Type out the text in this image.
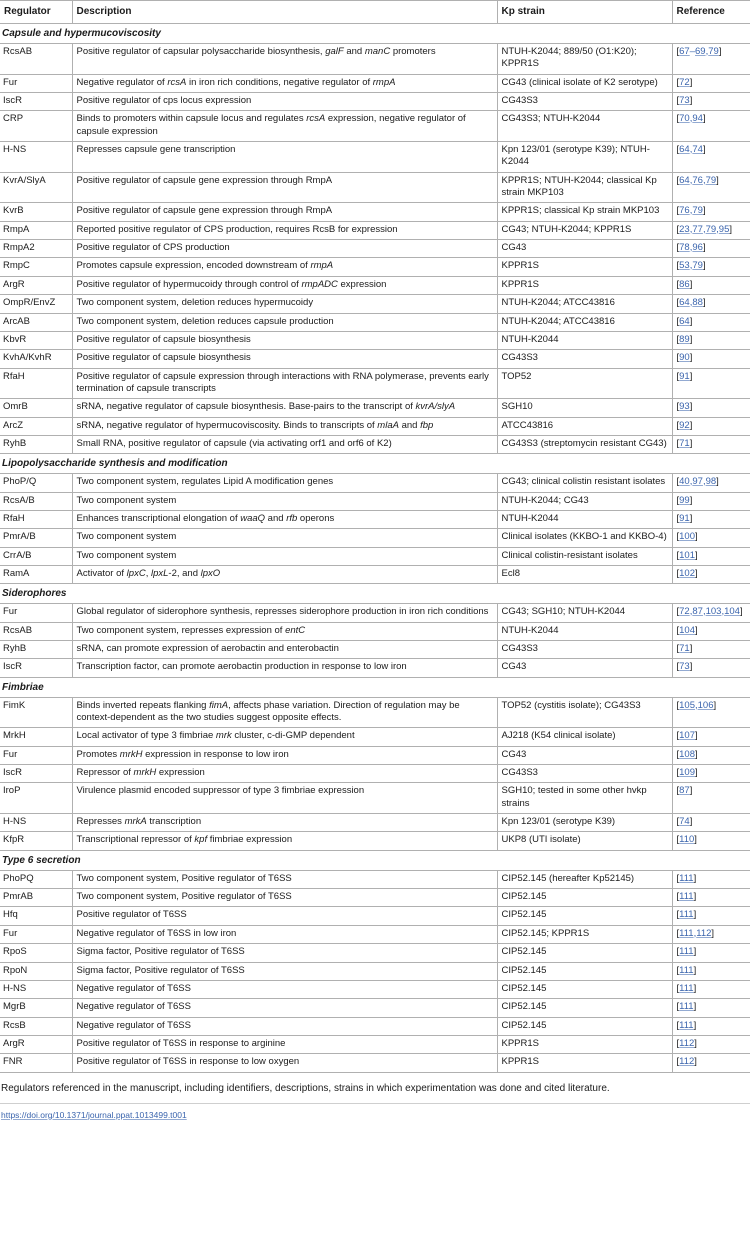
Regulator	Description	Kp strain	Reference
Capsule and hypermucoviscosity			
RcsAB	Positive regulator of capsular polysaccharide biosynthesis, galF and manC promoters	NTUH-K2044; 889/50 (O1:K20); KPPR1S	[67–69,79]
Fur	Negative regulator of rcsA in iron rich conditions, negative regulator of rmpA	CG43 (clinical isolate of K2 serotype)	[72]
IscR	Positive regulator of cps locus expression	CG43S3	[73]
CRP	Binds to promoters within capsule locus and regulates rcsA expression, negative regulator of capsule expression	CG43S3; NTUH-K2044	[70,94]
H-NS	Represses capsule gene transcription	Kpn 123/01 (serotype K39); NTUH-K2044	[64,74]
KvrA/SlyA	Positive regulator of capsule gene expression through RmpA	KPPR1S; NTUH-K2044; classical Kp strain MKP103	[64,76,79]
KvrB	Positive regulator of capsule gene expression through RmpA	KPPR1S; classical Kp strain MKP103	[76,79]
RmpA	Reported positive regulator of CPS production, requires RcsB for expression	CG43; NTUH-K2044; KPPR1S	[23,77,79,95]
RmpA2	Positive regulator of CPS production	CG43	[78,96]
RmpC	Promotes capsule expression, encoded downstream of rmpA	KPPR1S	[53,79]
ArgR	Positive regulator of hypermucoidy through control of rmpADC expression	KPPR1S	[86]
OmpR/EnvZ	Two component system, deletion reduces hypermucoidy	NTUH-K2044; ATCC43816	[64,88]
ArcAB	Two component system, deletion reduces capsule production	NTUH-K2044; ATCC43816	[64]
KbvR	Positive regulator of capsule biosynthesis	NTUH-K2044	[89]
KvhA/KvhR	Positive regulator of capsule biosynthesis	CG43S3	[90]
RfaH	Positive regulator of capsule expression through interactions with RNA polymerase, prevents early termination of capsule transcripts	TOP52	[91]
OmrB	sRNA, negative regulator of capsule biosynthesis. Base-pairs to the transcript of kvrA/slyA	SGH10	[93]
ArcZ	sRNA, negative regulator of hypermucoviscosity. Binds to transcripts of mlaA and fbp	ATCC43816	[92]
RyhB	Small RNA, positive regulator of capsule (via activating orf1 and orf6 of K2)	CG43S3 (streptomycin resistant CG43)	[71]
Lipopolysaccharide synthesis and modification			
PhoP/Q	Two component system, regulates Lipid A modification genes	CG43; clinical colistin resistant isolates	[40,97,98]
RcsA/B	Two component system	NTUH-K2044; CG43	[99]
RfaH	Enhances transcriptional elongation of waaQ and rfb operons	NTUH-K2044	[91]
PmrA/B	Two component system	Clinical isolates (KKBO-1 and KKBO-4)	[100]
CrrA/B	Two component system	Clinical colistin-resistant isolates	[101]
RamA	Activator of lpxC, lpxL-2, and lpxO	Ecl8	[102]
Siderophores			
Fur	Global regulator of siderophore synthesis, represses siderophore production in iron rich conditions	CG43; SGH10; NTUH-K2044	[72,87,103,104]
RcsAB	Two component system, represses expression of entC	NTUH-K2044	[104]
RyhB	sRNA, can promote expression of aerobactin and enterobactin	CG43S3	[71]
IscR	Transcription factor, can promote aerobactin production in response to low iron	CG43	[73]
Fimbriae			
FimK	Binds inverted repeats flanking fimA, affects phase variation. Direction of regulation may be context-dependent as the two studies suggest opposite effects.	TOP52 (cystitis isolate); CG43S3	[105,106]
MrkH	Local activator of type 3 fimbriae mrk cluster, c-di-GMP dependent	AJ218 (K54 clinical isolate)	[107]
Fur	Promotes mrkH expression in response to low iron	CG43	[108]
IscR	Repressor of mrkH expression	CG43S3	[109]
IroP	Virulence plasmid encoded suppressor of type 3 fimbriae expression	SGH10; tested in some other hvkp strains	[87]
H-NS	Represses mrkA transcription	Kpn 123/01 (serotype K39)	[74]
KfpR	Transcriptional repressor of kpf fimbriae expression	UKP8 (UTI isolate)	[110]
Type 6 secretion			
PhoPQ	Two component system, Positive regulator of T6SS	CIP52.145 (hereafter Kp52145)	[111]
PmrAB	Two component system, Positive regulator of T6SS	CIP52.145	[111]
Hfq	Positive regulator of T6SS	CIP52.145	[111]
Fur	Negative regulator of T6SS in low iron	CIP52.145; KPPR1S	[111,112]
RpoS	Sigma factor, Positive regulator of T6SS	CIP52.145	[111]
RpoN	Sigma factor, Positive regulator of T6SS	CIP52.145	[111]
H-NS	Negative regulator of T6SS	CIP52.145	[111]
MgrB	Negative regulator of T6SS	CIP52.145	[111]
RcsB	Negative regulator of T6SS	CIP52.145	[111]
ArgR	Positive regulator of T6SS in response to arginine	KPPR1S	[112]
FNR	Positive regulator of T6SS in response to low oxygen	KPPR1S	[112]
Regulators referenced in the manuscript, including identifiers, descriptions, strains in which experimentation was done and cited literature.
https://doi.org/10.1371/journal.ppat.1013499.t001
